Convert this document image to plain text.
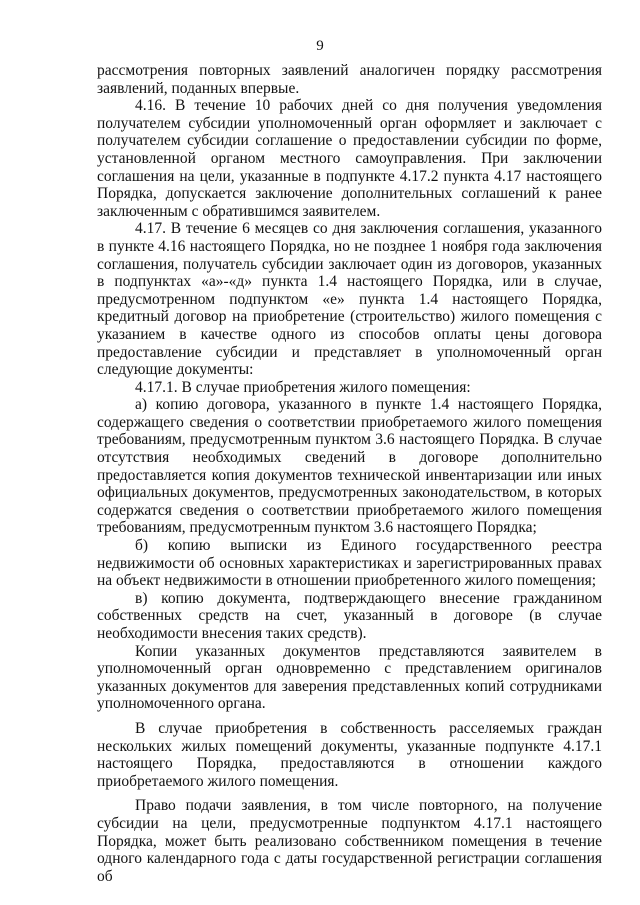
9

рассмотрения повторных заявлений аналогичен порядку рассмотрения заявлений, поданных впервые.

4.16. В течение 10 рабочих дней со дня получения уведомления получателем субсидии уполномоченный орган оформляет и заключает с получателем субсидии соглашение о предоставлении субсидии по форме, установленной органом местного самоуправления. При заключении соглашения на цели, указанные в подпункте 4.17.2 пункта 4.17 настоящего Порядка, допускается заключение дополнительных соглашений к ранее заключенным с обратившимся заявителем.

4.17. В течение 6 месяцев со дня заключения соглашения, указанного в пункте 4.16 настоящего Порядка, но не позднее 1 ноября года заключения соглашения, получатель субсидии заключает один из договоров, указанных в подпунктах «а»-«д» пункта 1.4 настоящего Порядка, или в случае, предусмотренном подпунктом «е» пункта 1.4 настоящего Порядка, кредитный договор на приобретение (строительство) жилого помещения с указанием в качестве одного из способов оплаты цены договора предоставление субсидии и представляет в уполномоченный орган следующие документы:

4.17.1. В случае приобретения жилого помещения:

а) копию договора, указанного в пункте 1.4 настоящего Порядка, содержащего сведения о соответствии приобретаемого жилого помещения требованиям, предусмотренным пунктом 3.6 настоящего Порядка. В случае отсутствия необходимых сведений в договоре дополнительно предоставляется копия документов технической инвентаризации или иных официальных документов, предусмотренных законодательством, в которых содержатся сведения о соответствии приобретаемого жилого помещения требованиям, предусмотренным пунктом 3.6 настоящего Порядка;

б) копию выписки из Единого государственного реестра недвижимости об основных характеристиках и зарегистрированных правах на объект недвижимости в отношении приобретенного жилого помещения;

в) копию документа, подтверждающего внесение гражданином собственных средств на счет, указанный в договоре (в случае необходимости внесения таких средств).

Копии указанных документов представляются заявителем в уполномоченный орган одновременно с представлением оригиналов указанных документов для заверения представленных копий сотрудниками уполномоченного органа.

В случае приобретения в собственность расселяемых граждан нескольких жилых помещений документы, указанные подпункте 4.17.1 настоящего Порядка, предоставляются в отношении каждого приобретаемого жилого помещения.

Право подачи заявления, в том числе повторного, на получение субсидии на цели, предусмотренные подпунктом 4.17.1 настоящего Порядка, может быть реализовано собственником помещения в течение одного календарного года с даты государственной регистрации соглашения об
